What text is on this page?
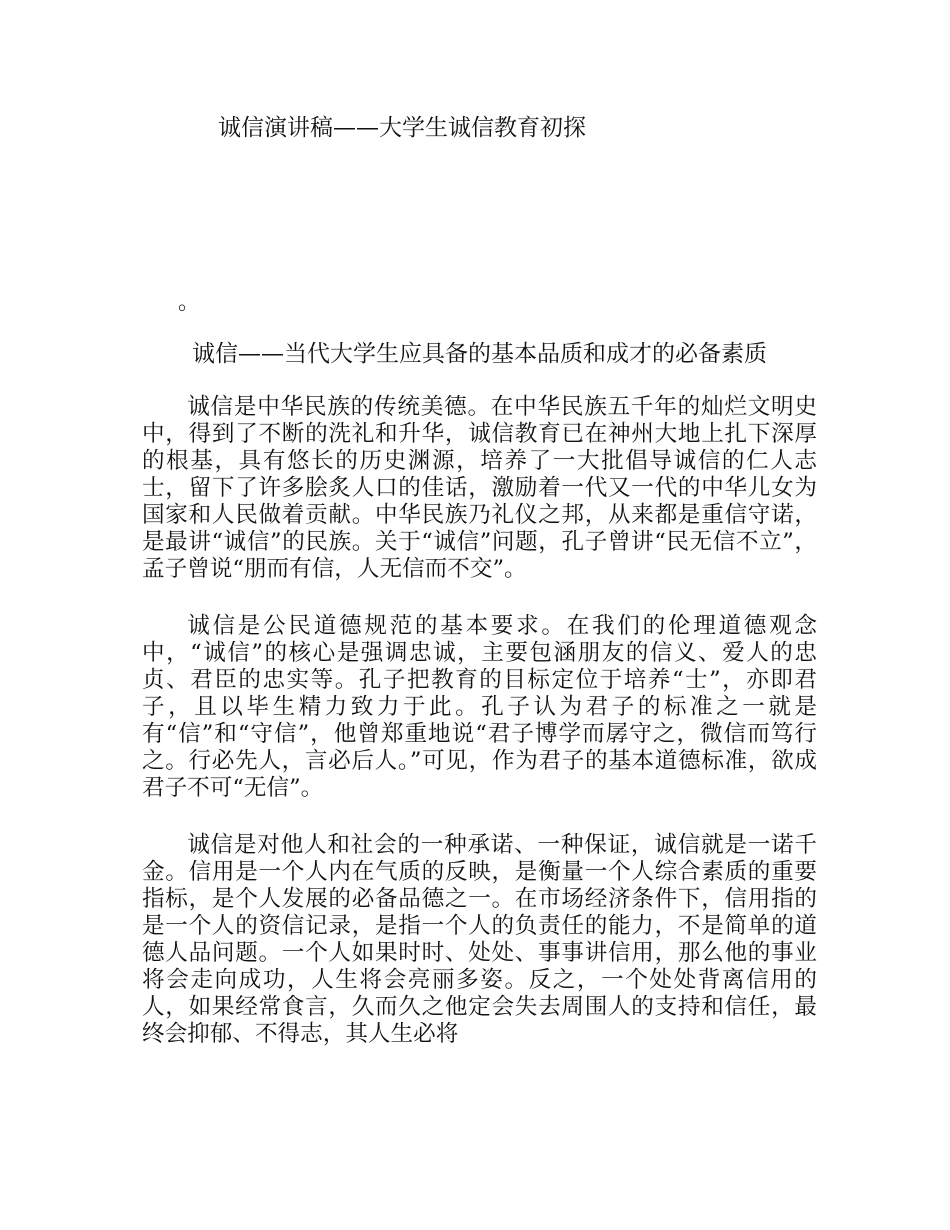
诚信演讲稿——大学生诚信教育初探
。
诚信——当代大学生应具备的基本品质和成才的必备素质

诚信是中华民族的传统美德。在中华民族五千年的灿烂文明史中，得到了不断的洗礼和升华，诚信教育已在神州大地上扎下深厚的根基，具有悠长的历史渊源，培养了一大批倡导诚信的仁人志士，留下了许多脍炙人口的佳话，激励着一代又一代的中华儿女为国家和人民做着贡献。中华民族乃礼仪之邦，从来都是重信守诺，是最讲“诚信”的民族。关于“诚信”问题，孔子曾讲“民无信不立”，孟子曾说“朋而有信，人无信而不交”。

诚信是公民道德规范的基本要求。在我们的伦理道德观念中，“诚信”的核心是强调忠诚，主要包涵朋友的信义、爱人的忠贞、君臣的忠实等。孔子把教育的目标定位于培养“士”，亦即君子，且以毕生精力致力于此。孔子认为君子的标准之一就是有“信”和“守信”，他曾郑重地说“君子博学而孱守之，微信而笃行之。行必先人，言必后人。”可见，作为君子的基本道德标准，欲成君子不可“无信”。

诚信是对他人和社会的一种承诺、一种保证，诚信就是一诺千金。信用是一个人内在气质的反映，是衡量一个人综合素质的重要指标，是个人发展的必备品德之一。在市场经济条件下，信用指的是一个人的资信记录，是指一个人的负责任的能力，不是简单的道德人品问题。一个人如果时时、处处、事事讲信用，那么他的事业将会走向成功，人生将会亮丽多姿。反之，一个处处背离信用的人，如果经常食言，久而久之他定会失去周围人的支持和信任，最终会抑郁、不得志，其人生必将
